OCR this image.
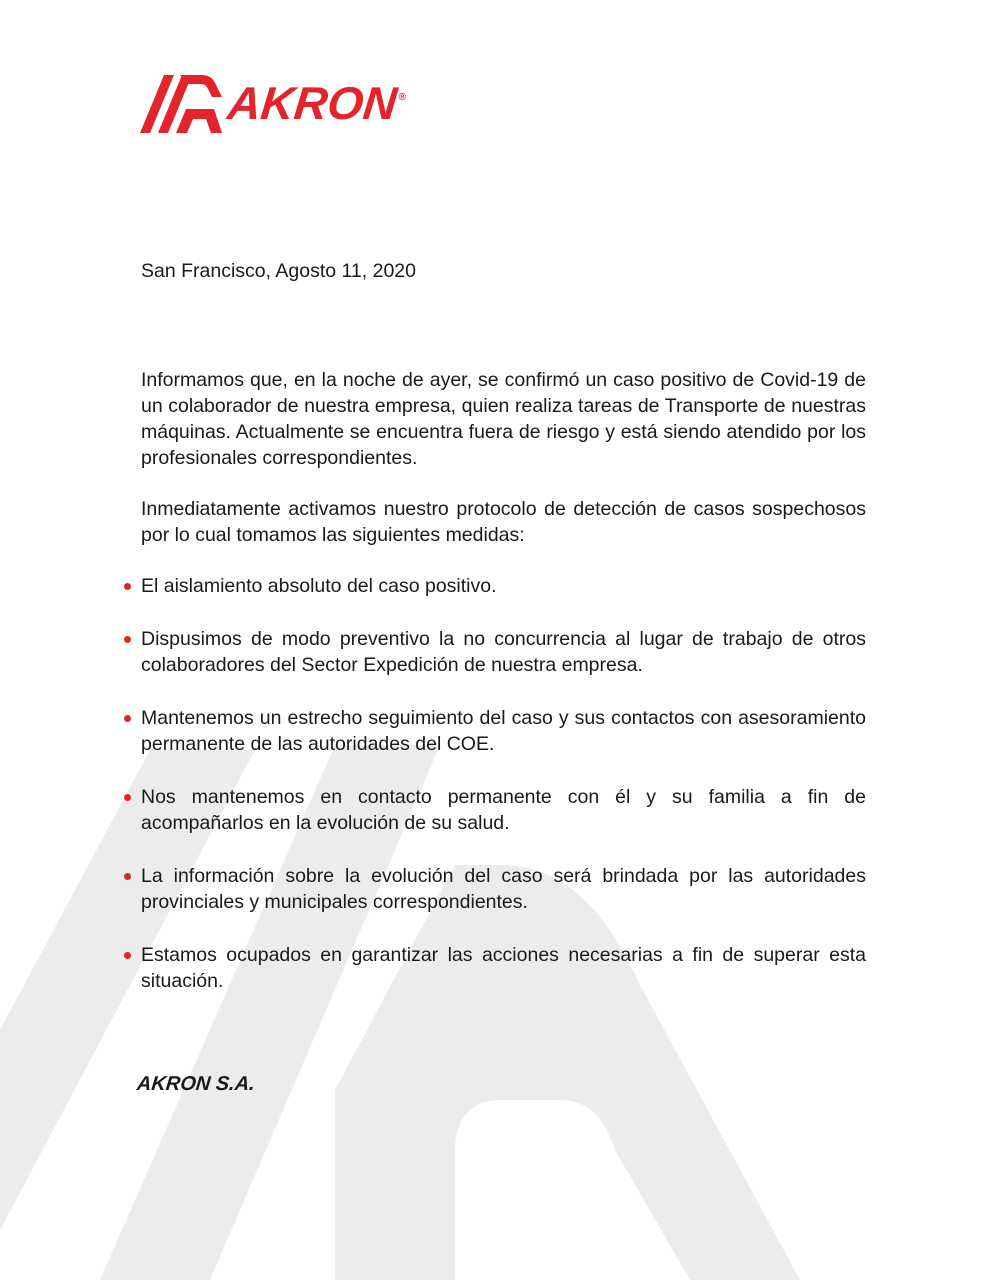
AKRON ®

San Francisco, Agosto 11, 2020

Informamos que, en la noche de ayer, se confirmó un caso positivo de Covid-19 de un colaborador de nuestra empresa, quien realiza tareas de Transporte de nuestras máquinas. Actualmente se encuentra fuera de riesgo y está siendo atendido por los profesionales correspondientes.

Inmediatamente activamos nuestro protocolo de detección de casos sospechosos por lo cual tomamos las siguientes medidas:

El aislamiento absoluto del caso positivo.
Dispusimos de modo preventivo la no concurrencia al lugar de trabajo de otros colaboradores del Sector Expedición de nuestra empresa.
Mantenemos un estrecho seguimiento del caso y sus contactos con asesoramiento permanente de las autoridades del COE.
Nos mantenemos en contacto permanente con él y su familia a fin de acompañarlos en la evolución de su salud.
La información sobre la evolución del caso será brindada por las autoridades provinciales y municipales correspondientes.
Estamos ocupados en garantizar las acciones necesarias a fin de superar esta situación.
AKRON S.A.
